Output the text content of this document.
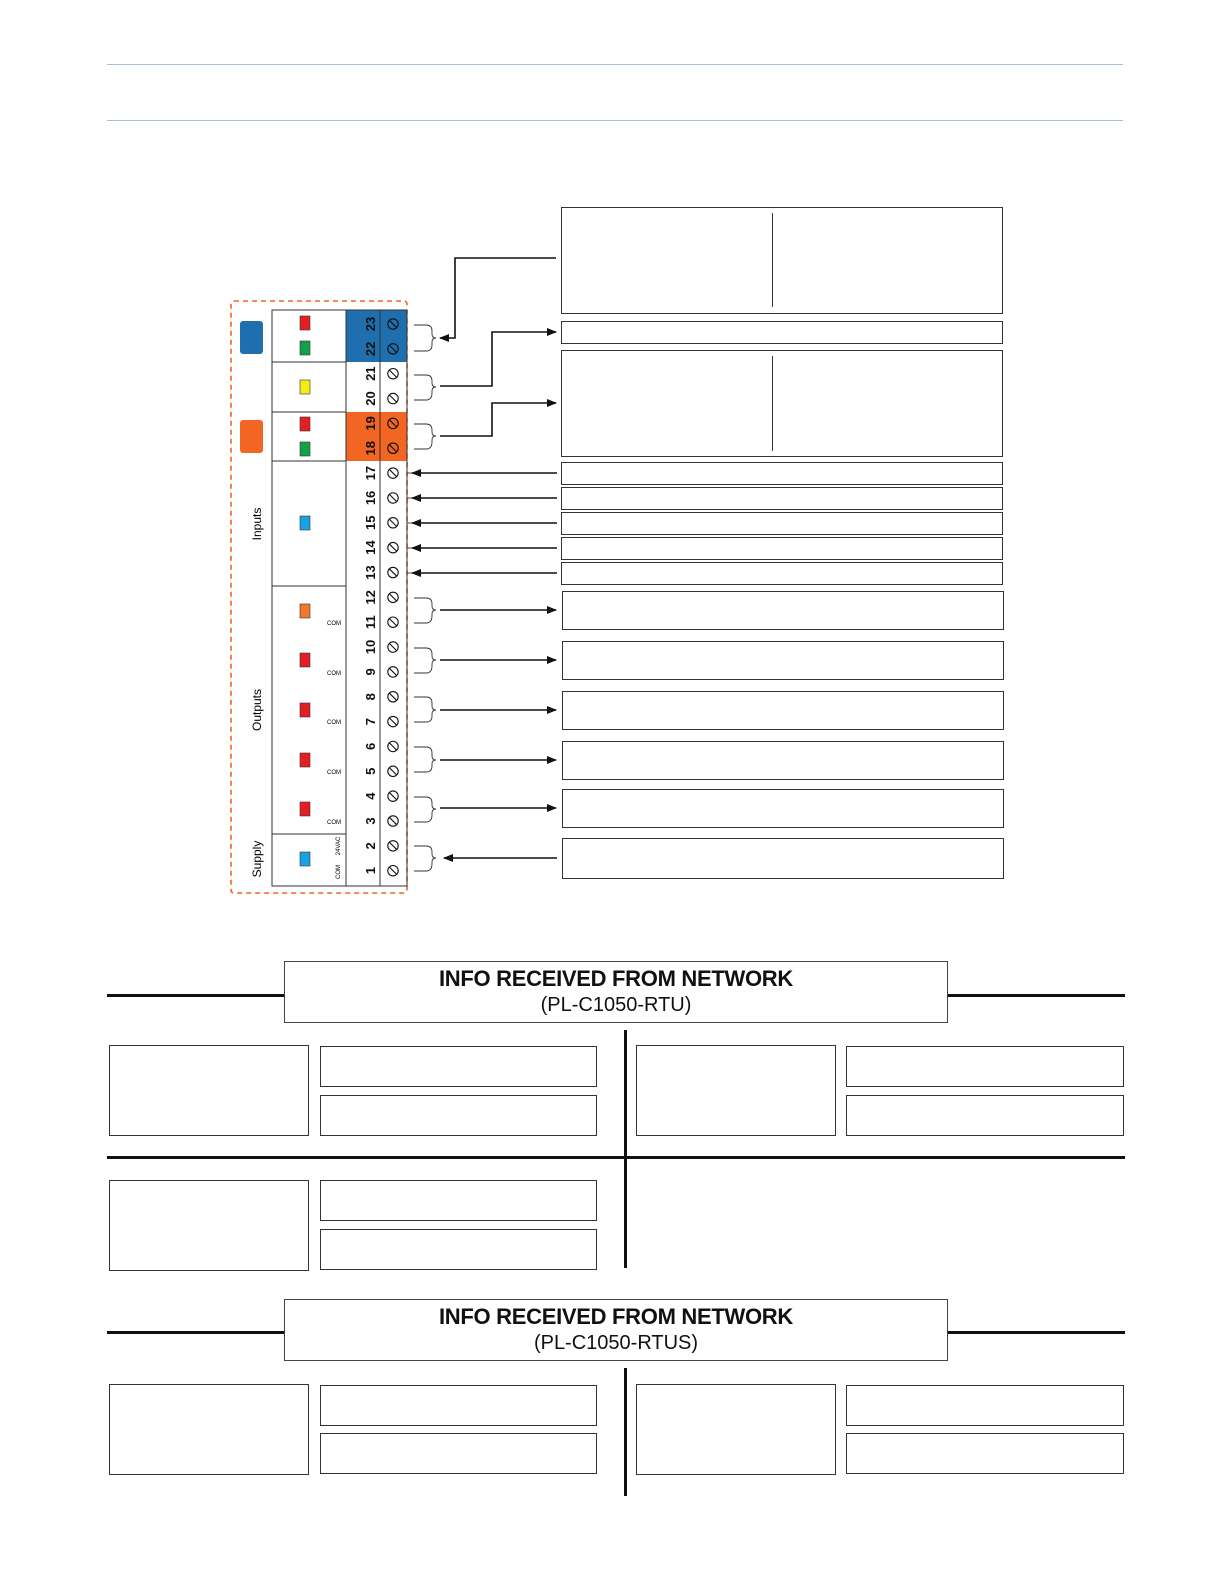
Inputs
Outputs
Supply
COM
COM
COM
COM
COM
COM
24VAC
23
22
21
20
19
18
17
16
15
14
13
12
11
10
9
8
7
6
5
4
3
2
1
INFO RECEIVED FROM NETWORK
(PL-C1050-RTU)
INFO RECEIVED FROM NETWORK
(PL-C1050-RTUS)
